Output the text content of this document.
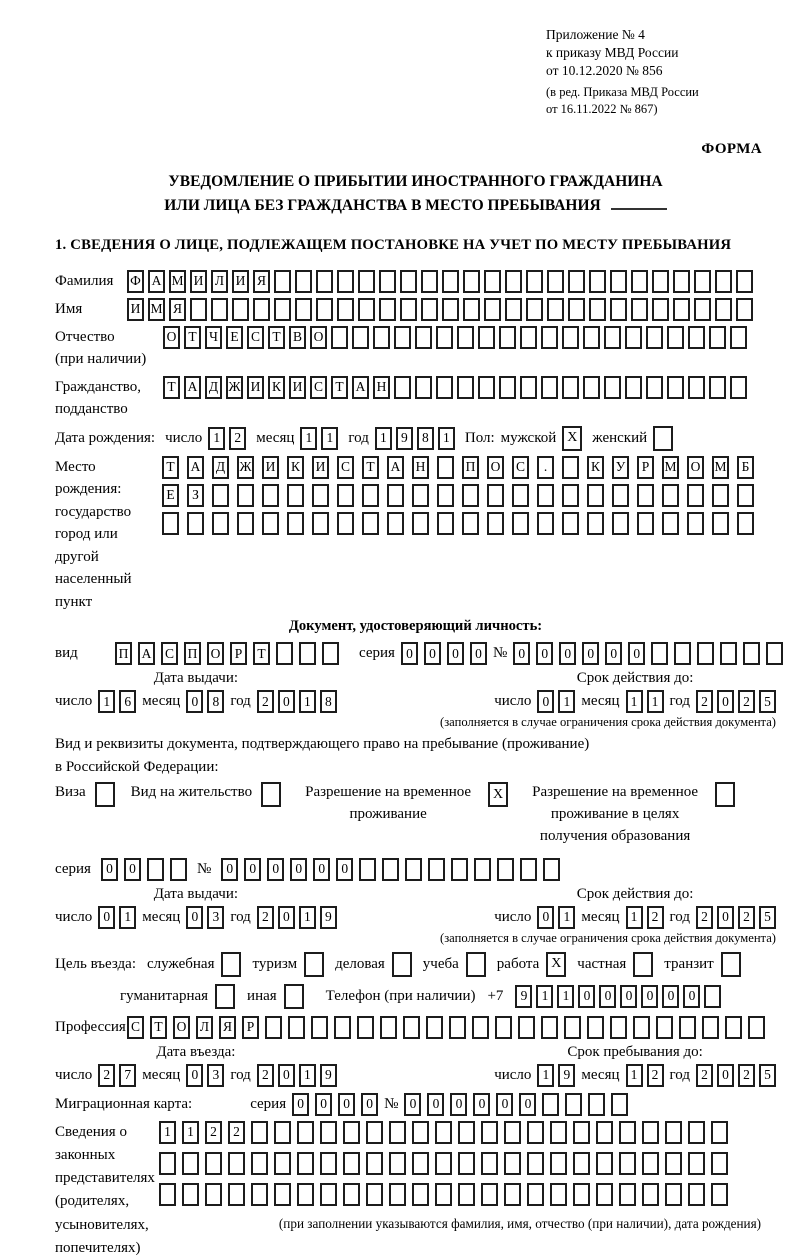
Приложение № 4
к приказу МВД России
от 10.12.2020 № 856
(в ред. Приказа МВД России
от 16.11.2022 № 867)
ФОРМА
УВЕДОМЛЕНИЕ О ПРИБЫТИИ ИНОСТРАННОГО ГРАЖДАНИНА
ИЛИ ЛИЦА БЕЗ ГРАЖДАНСТВА В МЕСТО ПРЕБЫВАНИЯ
1. СВЕДЕНИЯ О ЛИЦЕ, ПОДЛЕЖАЩЕМ ПОСТАНОВКЕ НА УЧЕТ ПО МЕСТУ ПРЕБЫВАНИЯ
Фамилия	Ф А М И Л И Я
Имя	И М Я
Отчество
(при наличии)
О Т Ч Е С Т В О
Гражданство,
подданство
Т А Д Ж И К И С Т А Н
Дата рождения: число 1	2	месяц 1	1	год 1	9	8	1	Пол: мужской X женский
Место рождения:
государство
город или другой
населенный пункт
Т	А Д Ж И К И С	Т	А Н	П О С	.	К У	Р	М О М	Б

Е	З

Документ, удостоверяющий личность:
вид	П А С П О	Р	Т	серия 0	0	0	0 № 0	0	0	0	0	0
Дата выдачи:
число 1	6 месяц 0	8 год 2	0	1	8
Срок действия до:
число 0	1 месяц 1	1 год 2	0	2	5
(заполняется в случае ограничения срока действия документа)
Вид и реквизиты документа, подтверждающего право на пребывание (проживание)
в Российской Федерации:
Виза	Вид на жительство	Разрешение на временное проживание
X	Разрешение на временное проживание в целях получения образования
серия	0	0	№	0	0	0	0	0	0
Дата выдачи:
число 0	1 месяц 0	3 год 2	0	1	9
Срок действия до:
число 0	1 месяц 1	2 год 2	0	2	5
(заполняется в случае ограничения срока действия документа)
Цель въезда: служебная	туризм	деловая	учеба	работа X	частная	транзит
гуманитарная	иная	Телефон (при наличии) +7	9	1	1	0	0	0	0	0	0
Профессия С	Т	О Л Я	Р
Дата въезда:
число 2	7 месяц 0	3 год 2	0	1	9
Срок пребывания до:
число 1	9 месяц 1	2 год 2	0	2	5
Миграционная карта:	серия 0	0	0	0 № 0	0	0	0	0	0
Сведения о
законных
представителях
(родителях,
усыновителях,
попечителях)
1	1	2	2

(при заполнении указываются фамилия, имя, отчество (при наличии), дата рождения)
